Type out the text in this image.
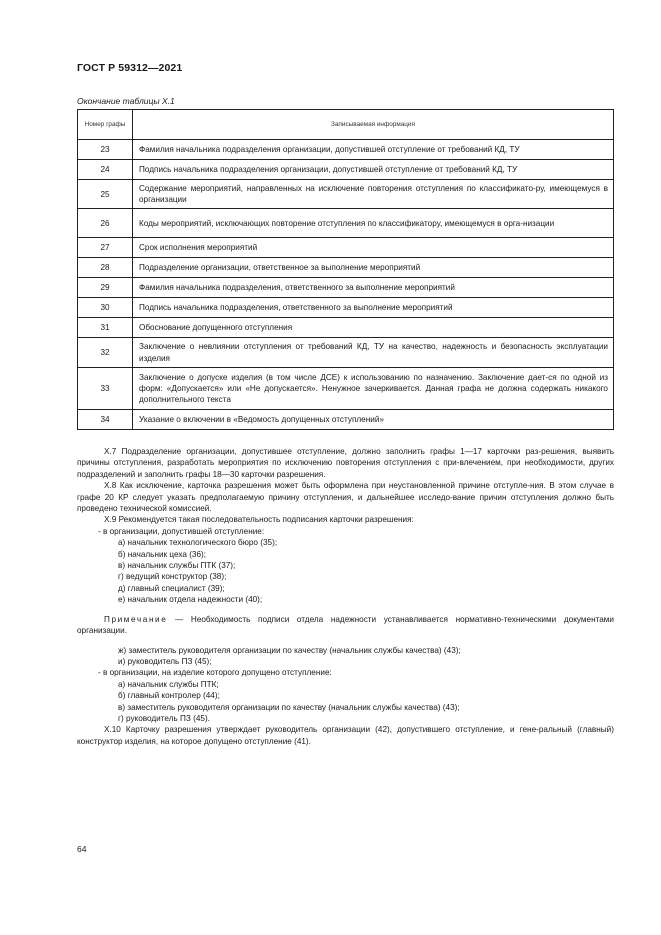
ГОСТ Р 59312—2021
Окончание таблицы Х.1
Номер графы	Записываемая информация
23	Фамилия начальника подразделения организации, допустившей отступление от требований КД, ТУ
24	Подпись начальника подразделения организации, допустившей отступление от требований КД, ТУ
25	Содержание мероприятий, направленных на исключение повторения отступления по классификато-ру, имеющемуся в организации
26	Коды мероприятий, исключающих повторение отступления по классификатору, имеющемуся в орга-низации
27	Срок исполнения мероприятий
28	Подразделение организации, ответственное за выполнение мероприятий
29	Фамилия начальника подразделения, ответственного за выполнение мероприятий
30	Подпись начальника подразделения, ответственного за выполнение мероприятий
31	Обоснование допущенного отступления
32	Заключение о невлиянии отступления от требований КД, ТУ на качество, надежность и безопасность эксплуатации изделия
33	Заключение о допуске изделия (в том числе ДСЕ) к использованию по назначению. Заключение дает-ся по одной из форм: «Допускается» или «Не допускается». Ненужное зачеркивается. Данная графа не должна содержать никакого дополнительного текста
34	Указание о включении в «Ведомость допущенных отступлений»

Х.7 Подразделение организации, допустившее отступление, должно заполнить графы 1—17 карточки раз-решения, выявить причины отступления, разработать мероприятия по исключению повторения отступления с при-влечением, при необходимости, других подразделений и заполнить графы 18—30 карточки разрешения.

Х.8 Как исключение, карточка разрешения может быть оформлена при неустановленной причине отступле-ния. В этом случае в графе 20 КР следует указать предполагаемую причину отступления, и дальнейшее исследо-вание причин отступления должно быть проведено технической комиссией.

Х.9 Рекомендуется такая последовательность подписания карточки разрешения:

- в организации, допустившей отступление:

а) начальник технологического бюро (35);

б) начальник цеха (36);

в) начальник службы ПТК (37);

г) ведущий конструктор (38);

д) главный специалист (39);

е) начальник отдела надежности (40);

Примечание — Необходимость подписи отдела надежности устанавливается нормативно-техническими документами организации.

ж) заместитель руководителя организации по качеству (начальник службы качества) (43);

и) руководитель ПЗ (45);

- в организации, на изделие которого допущено отступление:

а) начальник службы ПТК;

б) главный контролер (44);

в) заместитель руководителя организации по качеству (начальник службы качества) (43);

г) руководитель ПЗ (45).

Х.10 Карточку разрешения утверждает руководитель организации (42), допустившего отступление, и гене-ральный (главный) конструктор изделия, на которое допущено отступление (41).

64
